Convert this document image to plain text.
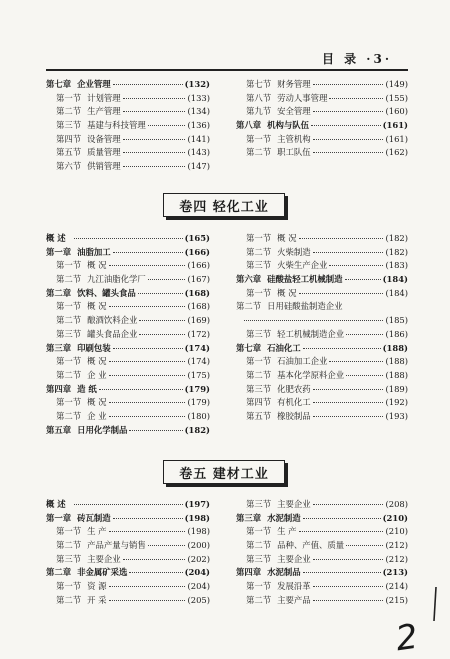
目 录 ·3·
第七章 企业管理	(132)
第一节 计划管理	(133)
第二节 生产管理	(134)
第三节 基建与科技管理	(136)
第四节 设备管理	(141)
第五节 质量管理	(143)
第六节 供销管理	(147)
第七节 财务管理	(149)
第八节 劳动人事管理	(155)
第九节 安全管理	(160)
第八章 机构与队伍	(161)
第一节 主管机构	(161)
第二节 职工队伍	(162)
卷四 轻化工业
概 述	(165)
第一章 油脂加工	(166)
第一节 概 况	(166)
第二节 九江油脂化学厂	(167)
第二章 饮料、罐头食品	(168)
第一节 概 况	(168)
第二节 酿酒饮料企业	(169)
第三节 罐头食品企业	(172)
第三章 印刷包装	(174)
第一节 概 况	(174)
第二节 企 业	(175)
第四章 造 纸	(179)
第一节 概 况	(179)
第二节 企 业	(180)
第五章 日用化学制品	(182)
第一节 概 况	(182)
第二节 火柴制造	(182)
第三节 火柴生产企业	(183)
第六章 硅酸盐轻工机械制造	(184)
第一节 概 况	(184)
第二节 日用硅酸盐制造企业
(185)
第三节 轻工机械制造企业	(186)
第七章 石油化工	(188)
第一节 石油加工企业	(188)
第二节 基本化学原料企业	(188)
第三节 化肥农药	(189)
第四节 有机化工	(192)
第五节 橡胶制品	(193)
卷五 建材工业
概 述	(197)
第一章 砖瓦制造	(198)
第一节 生 产	(198)
第二节 产品产量与销售	(200)
第三节 主要企业	(202)
第二章 非金属矿采选	(204)
第一节 资 源	(204)
第二节 开 采	(205)
第三节 主要企业	(208)
第三章 水泥制造	(210)
第一节 生 产	(210)
第二节 品种、产值、质量	(212)
第三节 主要企业	(212)
第四章 水泥制品	(213)
第一节 发展沿革	(214)
第二节 主要产品	(215)
2
